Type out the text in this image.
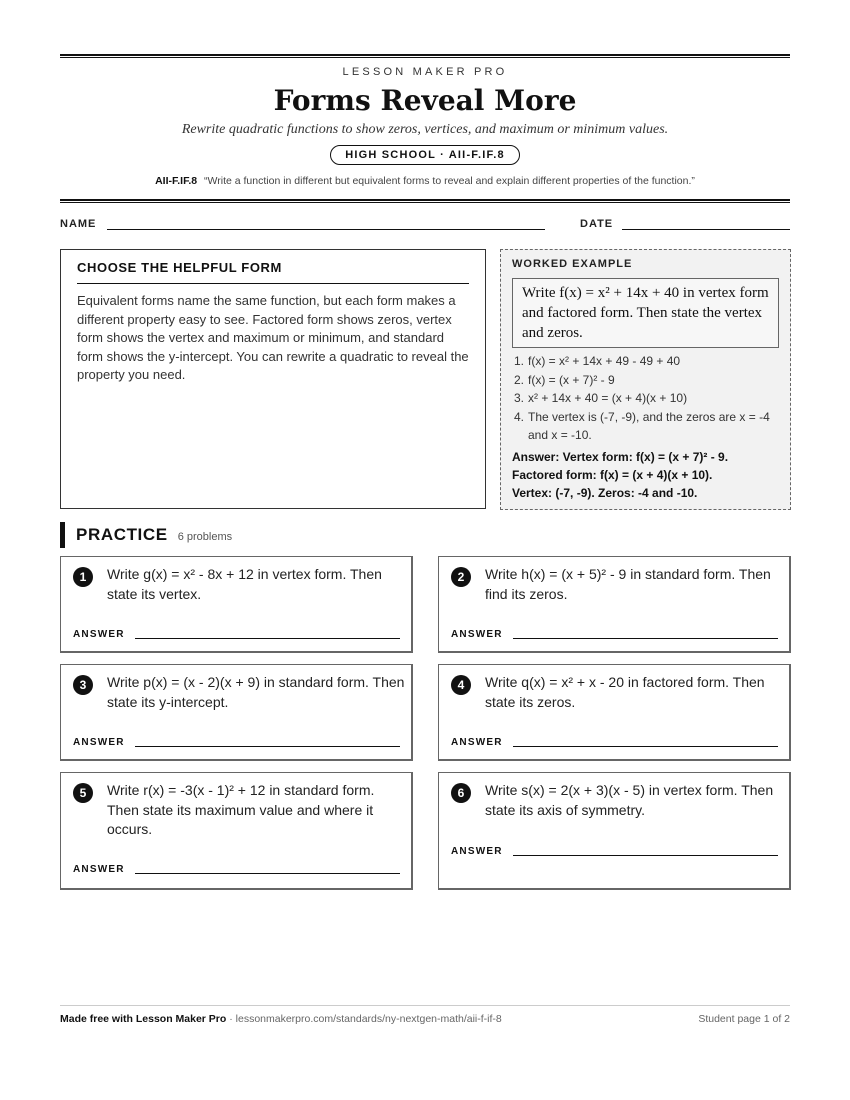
LESSON MAKER PRO
Forms Reveal More
Rewrite quadratic functions to show zeros, vertices, and maximum or minimum values.
HIGH SCHOOL · AII-F.IF.8
AII-F.IF.8 “Write a function in different but equivalent forms to reveal and explain different properties of the function.”
NAME	DATE
CHOOSE THE HELPFUL FORM

Equivalent forms name the same function, but each form makes a different property easy to see. Factored form shows zeros, vertex form shows the vertex and maximum or minimum, and standard form shows the y-intercept. You can rewrite a quadratic to reveal the property you need.

WORKED EXAMPLE
Write f(x) = x² + 14x + 40 in vertex form and factored form. Then state the vertex and zeros.
1. f(x) = x² + 14x + 49 - 49 + 40
2. f(x) = (x + 7)² - 9
3. x² + 14x + 40 = (x + 4)(x + 10)
4. The vertex is (-7, -9), and the zeros are x = -4 and x = -10.
Answer: Vertex form: f(x) = (x + 7)² - 9.
Factored form: f(x) = (x + 4)(x + 10).
Vertex: (-7, -9). Zeros: -4 and -10.
PRACTICE 6 problems
1	Write g(x) = x² - 8x + 12 in vertex form. Then state its vertex.
ANSWER
2	Write h(x) = (x + 5)² - 9 in standard form. Then find its zeros.
ANSWER
3	Write p(x) = (x - 2)(x + 9) in standard form. Then state its y-intercept.
ANSWER
4	Write q(x) = x² + x - 20 in factored form. Then state its zeros.
ANSWER
5	Write r(x) = -3(x - 1)² + 12 in standard form. Then state its maximum value and where it occurs.
ANSWER
6	Write s(x) = 2(x + 3)(x - 5) in vertex form. Then state its axis of symmetry.
ANSWER
Made free with Lesson Maker Pro · lessonmakerpro.com/standards/ny-nextgen-math/aii-f-if-8	Student page 1 of 2
